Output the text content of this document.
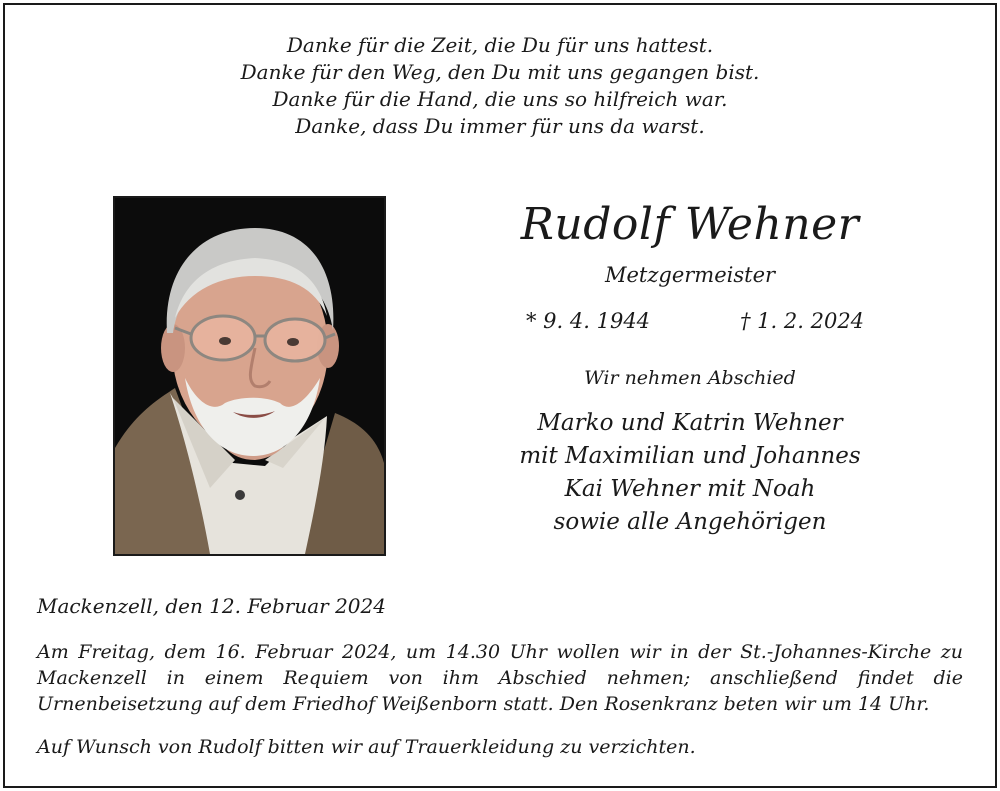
Danke für die Zeit, die Du für uns hattest.
Danke für den Weg, den Du mit uns gegangen bist.
Danke für die Hand, die uns so hilfreich war.
Danke, dass Du immer für uns da warst.
Rudolf Wehner
Metzgermeister
* 9. 4. 1944	† 1. 2. 2024
Wir nehmen Abschied
Marko und Katrin Wehner
mit Maximilian und Johannes
Kai Wehner mit Noah
sowie alle Angehörigen
Mackenzell, den 12. Februar 2024
Am Freitag, dem 16. Februar 2024, um 14.30 Uhr wollen wir in der St.-Johannes-Kirche zu Mackenzell in einem Requiem von ihm Abschied nehmen; anschließend findet die Urnenbeisetzung auf dem Friedhof Weißenborn statt. Den Rosenkranz beten wir um 14 Uhr.
Auf Wunsch von Rudolf bitten wir auf Trauerkleidung zu verzichten.
